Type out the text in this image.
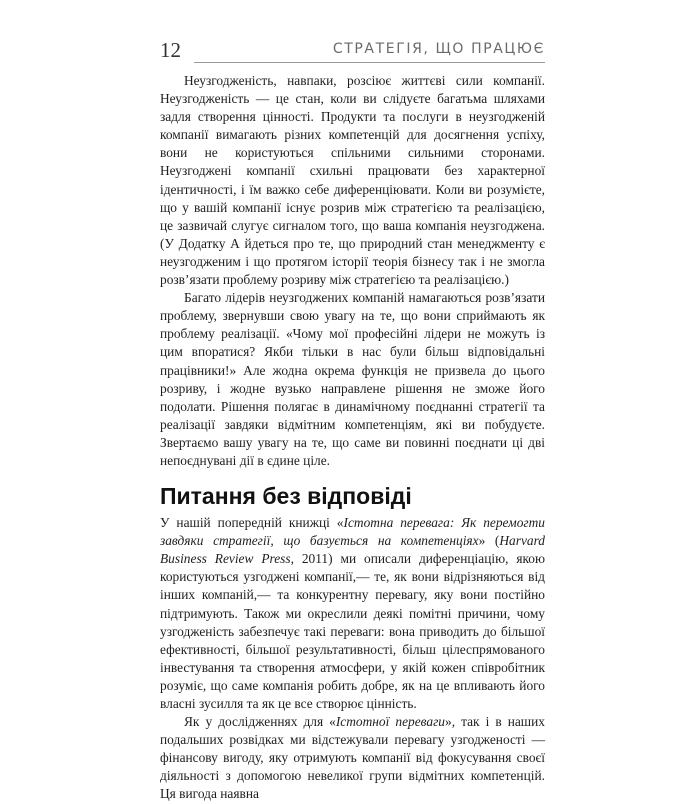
12	СТРАТЕГІЯ, ЩО ПРАЦЮЄ

Неузгодженість, навпаки, розсіює життєві сили компанії. Неузгодженість — це стан, коли ви слідуєте багатьма шляхами задля створення цінності. Продукти та послуги в неузгодженій компанії вимагають різних компетенцій для досягнення успіху, вони не користуються спільними сильними сторонами. Неузгоджені компанії схильні працювати без характерної ідентичності, і їм важко себе диференціювати. Коли ви розумієте, що у вашій компанії існує розрив між стратегією та реалізацією, це зазвичай слугує сигналом того, що ваша компанія неузгоджена. (У Додатку А йдеться про те, що природний стан менеджменту є неузгодженим і що протягом історії теорія бізнесу так і не змогла розв’язати проблему розриву між стратегією та реалізацією.)

Багато лідерів неузгоджених компаній намагаються розв’язати проблему, звернувши свою увагу на те, що вони сприймають як проблему реалізації. «Чому мої професійні лідери не можуть із цим впоратися? Якби тільки в нас були більш відповідальні працівники!» Але жодна окрема функція не призвела до цього розриву, і жодне вузько направлене рішення не зможе його подолати. Рішення полягає в динамічному поєднанні стратегії та реалізації завдяки відмітним компетенціям, які ви побудуєте. Звертаємо вашу увагу на те, що саме ви повинні поєднати ці дві непоєднувані дії в єдине ціле.

Питання без відповіді

У нашій попередній книжці «Істотна перевага: Як перемогти завдяки стратегії, що базується на компетенціях» (Harvard Business Review Press, 2011) ми описали диференціацію, якою користуються узгоджені компанії,— те, як вони відрізняються від інших компаній,— та конкурентну перевагу, яку вони постійно підтримують. Також ми окреслили деякі помітні причини, чому узгодженість забезпечує такі переваги: вона приводить до більшої ефективності, більшої результативності, більш цілеспрямованого інвестування та створення атмосфери, у якій кожен співробітник розуміє, що саме компанія робить добре, як на це впливають його власні зусилля та як це все створює цінність.

Як у дослідженнях для «Істотної переваги», так і в наших подальших розвідках ми відстежували перевагу узгодженості — фінансову вигоду, яку отримують компанії від фокусування своєї діяльності з допомогою невеликої групи відмітних компетенцій. Ця вигода наявна
